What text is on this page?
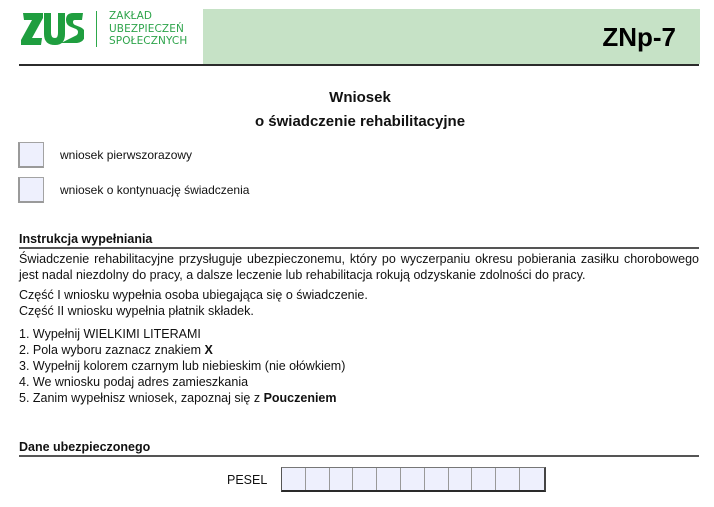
ZAKŁAD
UBEZPIECZEŃ
SPOŁECZNYCH	ZNp-7
Wniosek
o świadczenie rehabilitacyjne
wniosek pierwszorazowy
wniosek o kontynuację świadczenia
Instrukcja wypełniania
Świadczenie rehabilitacyjne przysługuje ubezpieczonemu, który po wyczerpaniu okresu pobierania zasiłku chorobowego jest nadal niezdolny do pracy, a dalsze leczenie lub rehabilitacja rokują odzyskanie zdolności do pracy.
Część I wniosku wypełnia osoba ubiegająca się o świadczenie.
Część II wniosku wypełnia płatnik składek.
1. Wypełnij WIELKIMI LITERAMI
2. Pola wyboru zaznacz znakiem X
3. Wypełnij kolorem czarnym lub niebieskim (nie ołówkiem)
4. We wniosku podaj adres zamieszkania
5. Zanim wypełnisz wniosek, zapoznaj się z Pouczeniem
Dane ubezpieczonego
PESEL
